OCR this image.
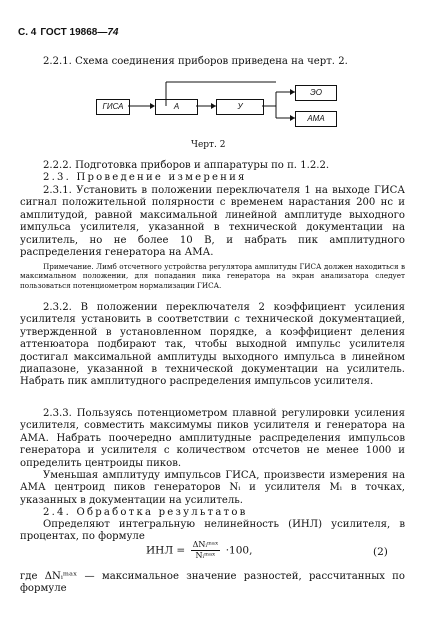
С. 4 ГОСТ 19868—74
2.2.1. Схема соединения приборов приведена на черт. 2.
ГИСА	А	У
ЭО
АМА
Черт. 2
2.2.2. Подготовка приборов и аппаратуры по п. 1.2.2.
2.3. Проведение измерения
2.3.1. Установить в положении переключателя 1 на выходе ГИСА сигнал положительной полярности с временем нарастания 200 нс и амплитудой, равной максимальной линейной амплитуде выходного импульса усилителя, указанной в технической документации на усилитель, но не более 10 В, и набрать пик амплитудного распределения генератора на АМА.
Примечание. Лимб отсчетного устройства регулятора амплитуды ГИСА должен находиться в максимальном положении, для попадания пика генератора на экран анализатора следует пользоваться потенциометром нормализации ГИСА.
2.3.2. В положении переключателя 2 коэффициент усиления усилителя установить в соответствии с технической документацией, утвержденной в установленном порядке, а коэффициент деления аттенюатора подбирают так, чтобы выходной импульс усилителя достигал максимальной амплитуды выходного импульса в линейном диапазоне, указанной в технической документации на усилитель. Набрать пик амплитудного распределения импульсов усилителя.
2.3.3. Пользуясь потенциометром плавной регулировки усиления усилителя, совместить максимумы пиков усилителя и генератора на АМА. Набрать поочередно амплитудные распределения импульсов генератора и усилителя с количеством отсчетов не менее 1000 и определить центроиды пиков.
Уменьшая амплитуду импульсов ГИСА, произвести измерения на АМА центроид пиков генераторов Nᵢ и усилителя Mᵢ в точках, указанных в документации на усилитель.
2.4. Обработка результатов
Определяют интегральную нелинейность (ИНЛ) усилителя, в процентах, по формуле
ИНЛ = $\frac{\text{ΔNᵢᵐᵃˣ}}{\text{Nᵢᵐᵃˣ}} \cdot 100$,	(2)
где ΔNᵢᵐᵃˣ — максимальное значение разностей, рассчитанных по формуле
